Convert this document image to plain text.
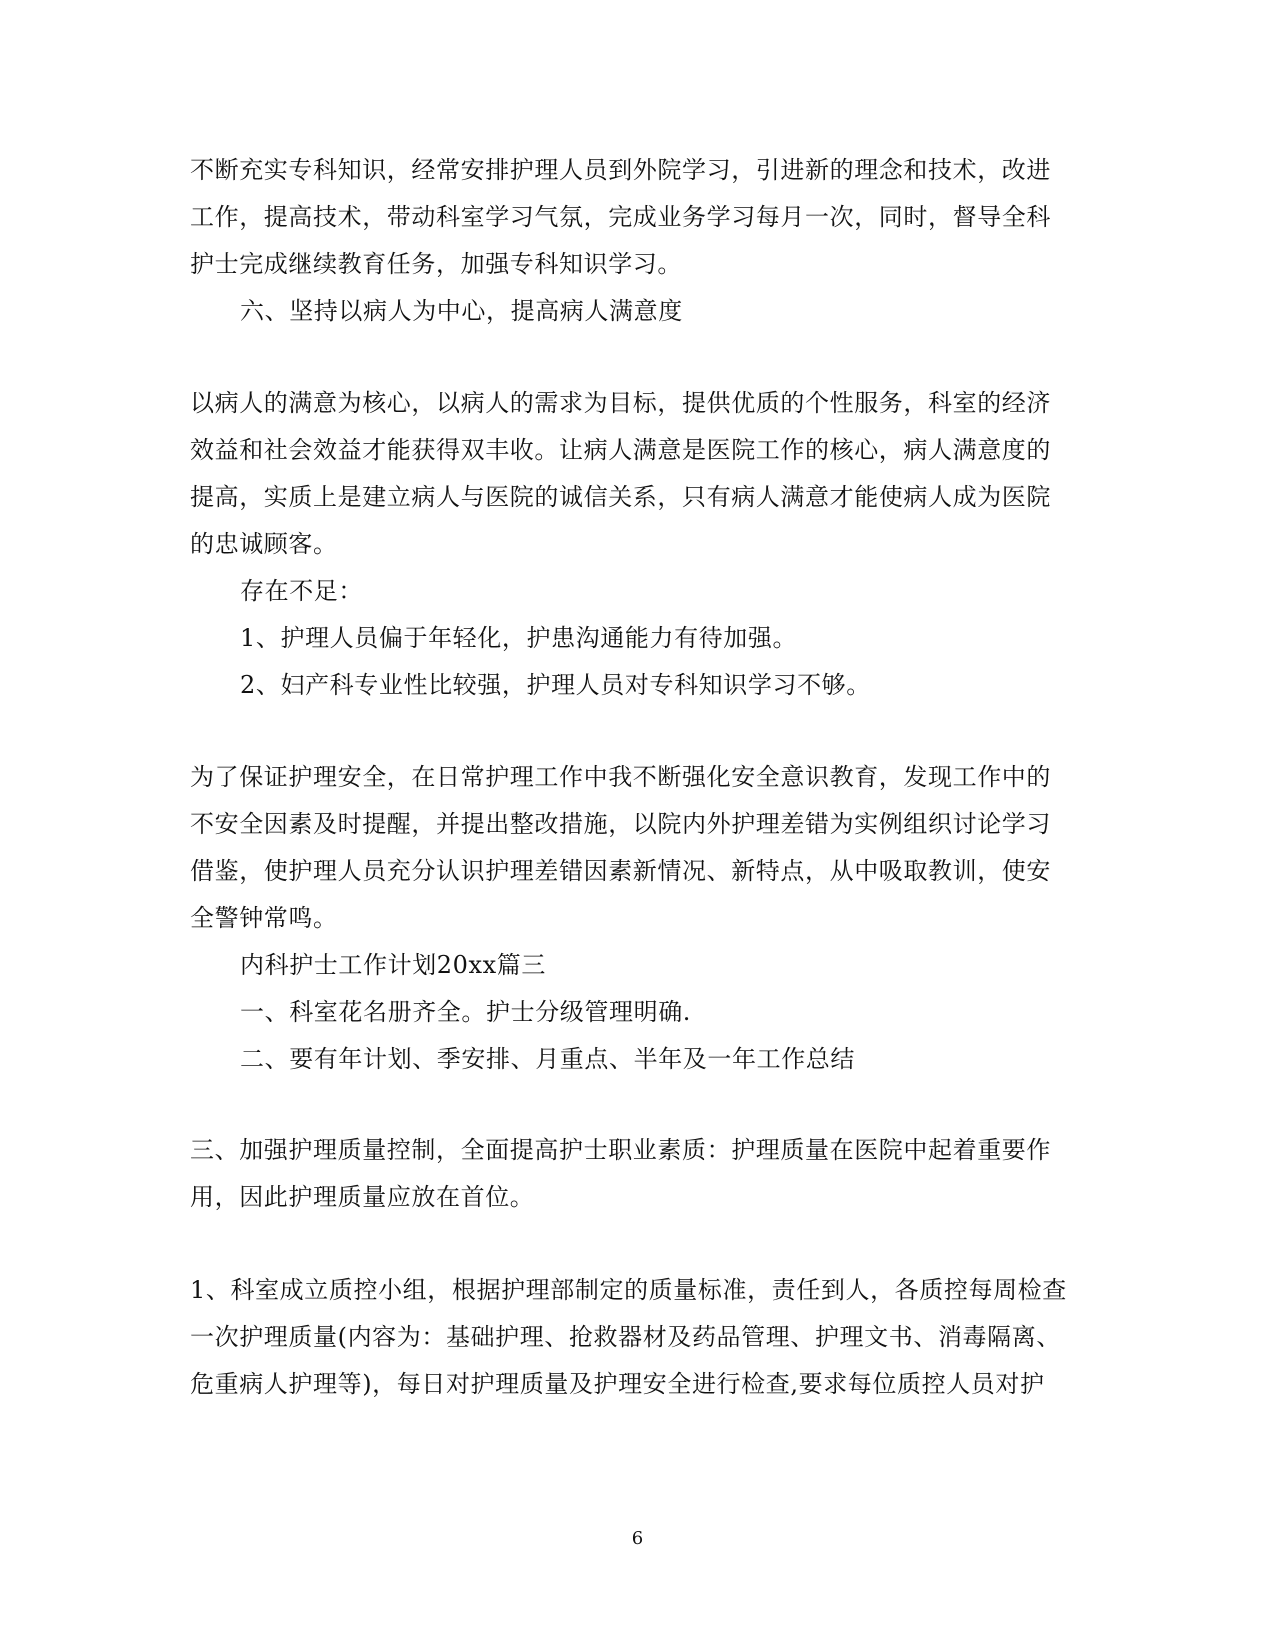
不断充实专科知识，经常安排护理人员到外院学习，引进新的理念和技术，改进
工作，提高技术，带动科室学习气氛，完成业务学习每月一次，同时，督导全科
护士完成继续教育任务，加强专科知识学习。
六、坚持以病人为中心，提高病人满意度
以病人的满意为核心，以病人的需求为目标，提供优质的个性服务，科室的经济
效益和社会效益才能获得双丰收。让病人满意是医院工作的核心，病人满意度的
提高，实质上是建立病人与医院的诚信关系，只有病人满意才能使病人成为医院
的忠诚顾客。
存在不足：
1、护理人员偏于年轻化，护患沟通能力有待加强。
2、妇产科专业性比较强，护理人员对专科知识学习不够。
为了保证护理安全，在日常护理工作中我不断强化安全意识教育，发现工作中的
不安全因素及时提醒，并提出整改措施，以院内外护理差错为实例组织讨论学习
借鉴，使护理人员充分认识护理差错因素新情况、新特点，从中吸取教训，使安
全警钟常鸣。
内科护士工作计划20xx篇三
一、科室花名册齐全。护士分级管理明确.
二、要有年计划、季安排、月重点、半年及一年工作总结
三、加强护理质量控制，全面提高护士职业素质：护理质量在医院中起着重要作
用，因此护理质量应放在首位。
1、科室成立质控小组，根据护理部制定的质量标准，责任到人，各质控每周检查
一次护理质量(内容为：基础护理、抢救器材及药品管理、护理文书、消毒隔离、
危重病人护理等)，每日对护理质量及护理安全进行检查,要求每位质控人员对护
6
